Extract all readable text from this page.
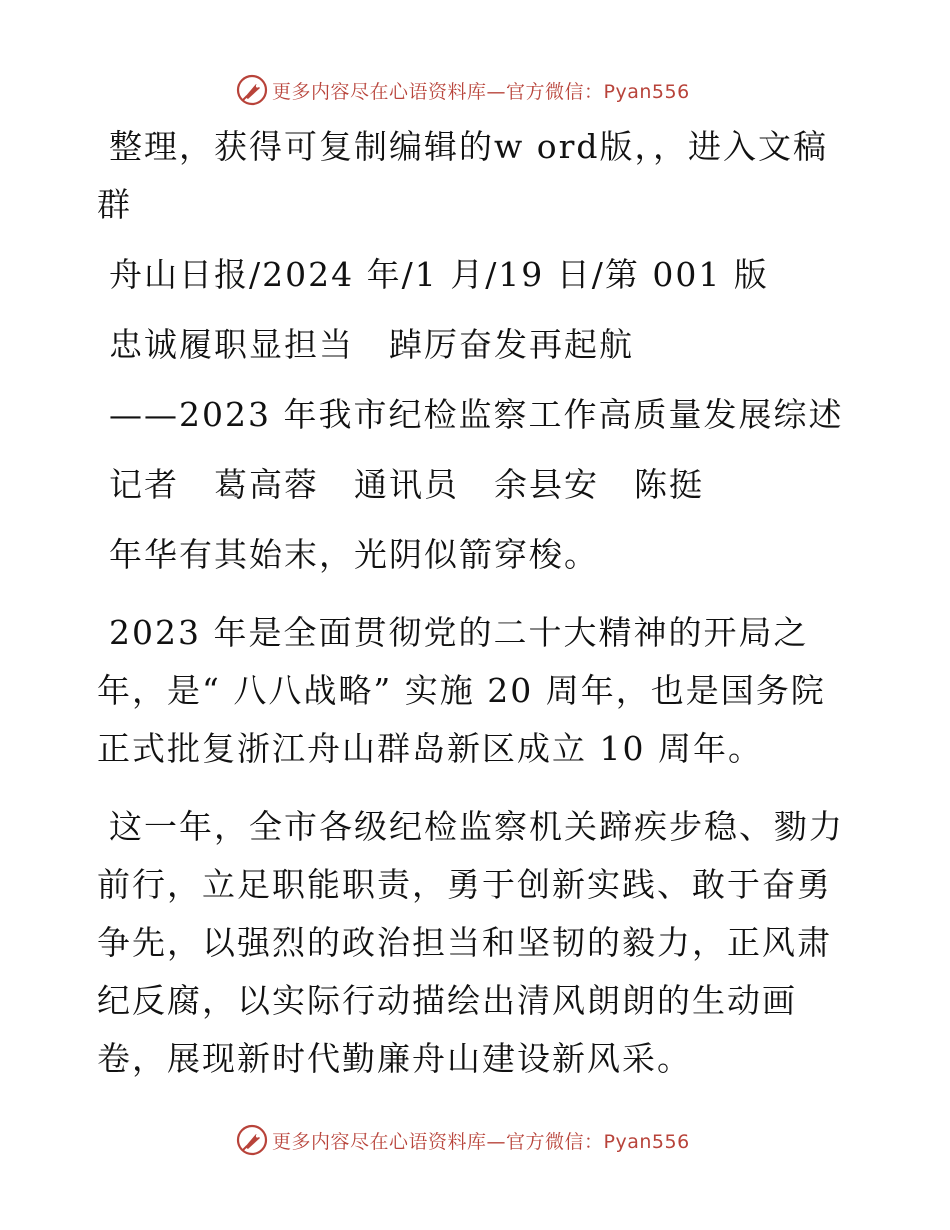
更多内容尽在心语资料库—官方微信：Pyan556

整理，获得可复制编辑的w ord版，，进入文稿群

舟山日报/2024 年/1 月/19 日/第 001 版

忠诚履职显担当　踔厉奋发再起航

——2023 年我市纪检监察工作高质量发展综述

记者　葛高蓉　通讯员　余县安　陈挺

年华有其始末，光阴似箭穿梭。

2023 年是全面贯彻党的二十大精神的开局之年，是“ 八八战略” 实施 20 周年，也是国务院正式批复浙江舟山群岛新区成立 10 周年。

这一年，全市各级纪检监察机关蹄疾步稳、勠力前行，立足职能职责，勇于创新实践、敢于奋勇争先，以强烈的政治担当和坚韧的毅力，正风肃纪反腐，以实际行动描绘出清风朗朗的生动画卷，展现新时代勤廉舟山建设新风采。

更多内容尽在心语资料库—官方微信：Pyan556
